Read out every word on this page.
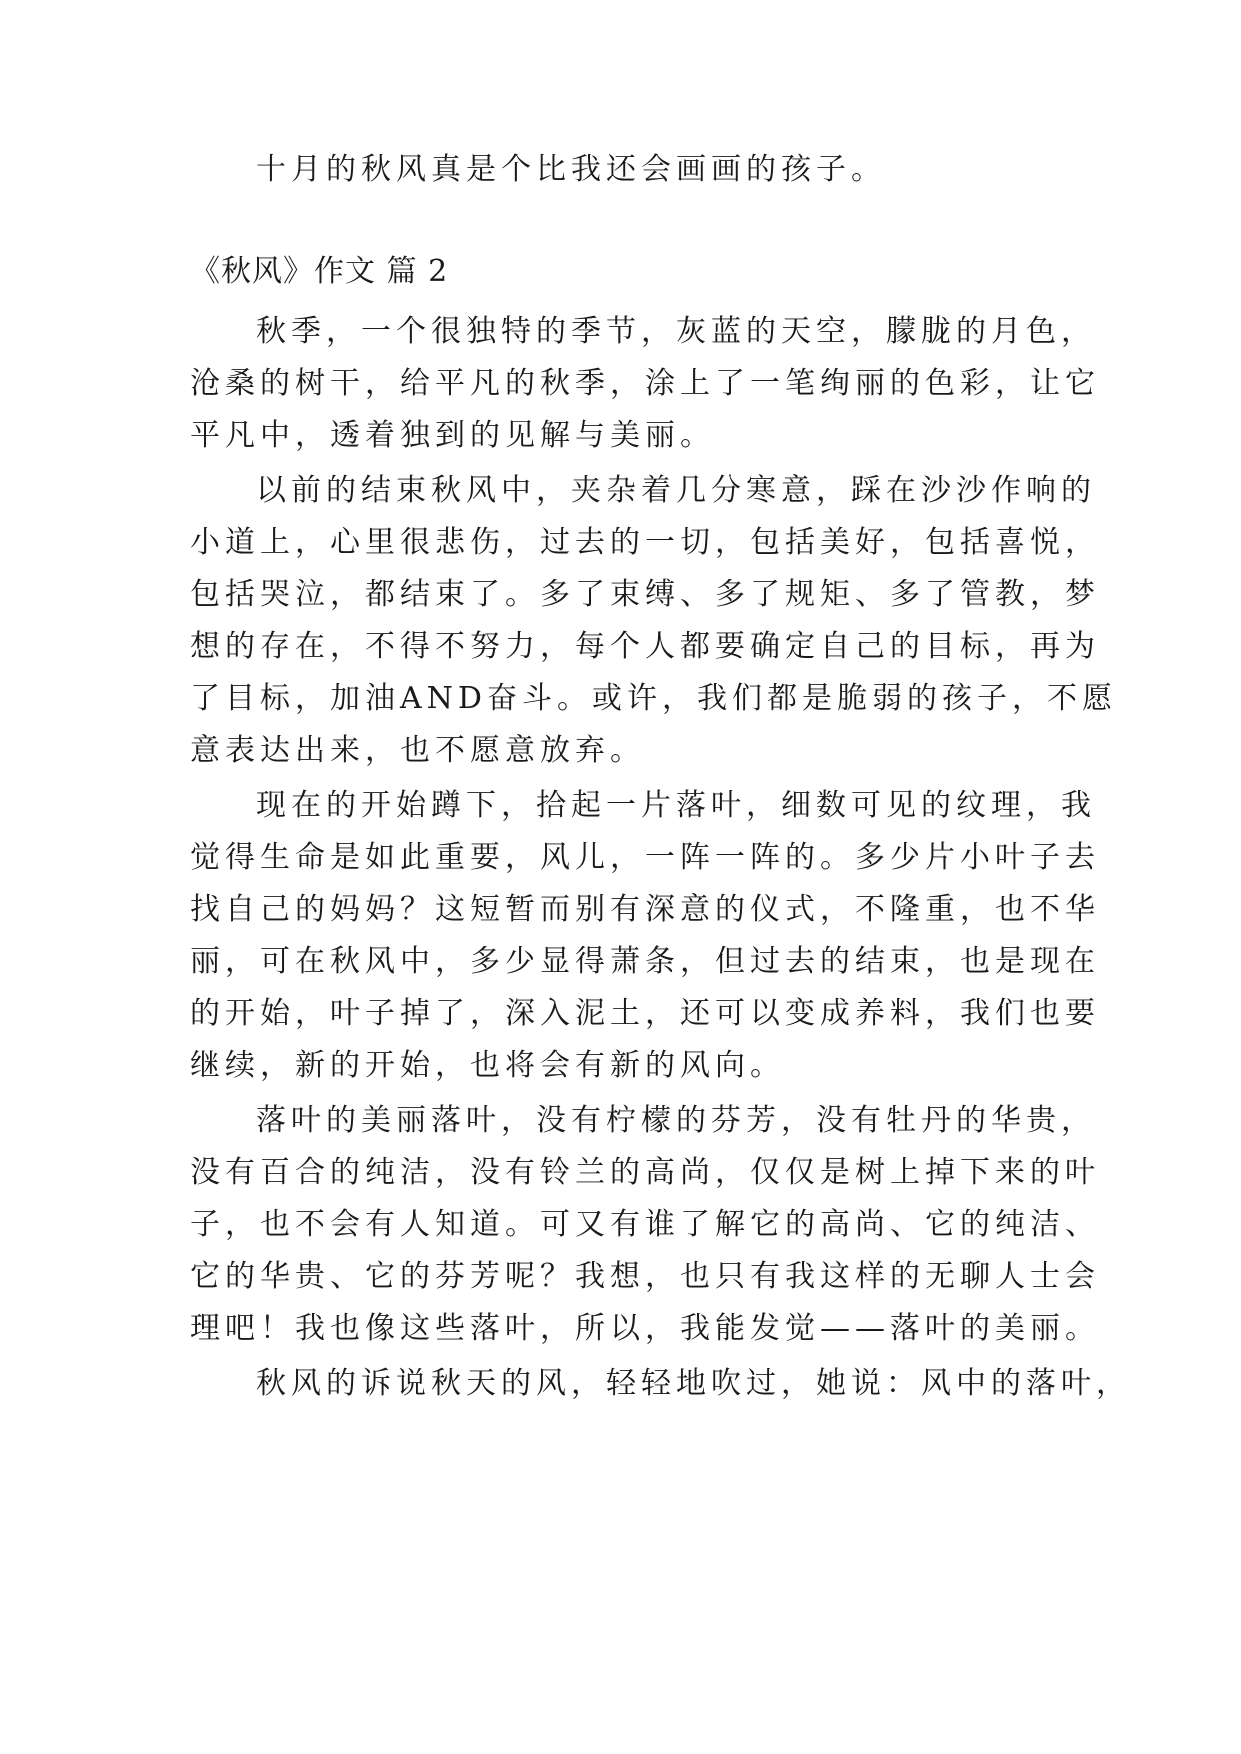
十月的秋风真是个比我还会画画的孩子。

《秋风》作文 篇 2

秋季，一个很独特的季节，灰蓝的天空，朦胧的月色，

沧桑的树干，给平凡的秋季，涂上了一笔绚丽的色彩，让它

平凡中，透着独到的见解与美丽。

以前的结束秋风中，夹杂着几分寒意，踩在沙沙作响的

小道上，心里很悲伤，过去的一切，包括美好，包括喜悦，

包括哭泣，都结束了。多了束缚、多了规矩、多了管教，梦

想的存在，不得不努力，每个人都要确定自己的目标，再为

了目标，加油AND奋斗。或许，我们都是脆弱的孩子，不愿

意表达出来，也不愿意放弃。

现在的开始蹲下，拾起一片落叶，细数可见的纹理，我

觉得生命是如此重要，风儿，一阵一阵的。多少片小叶子去

找自己的妈妈？这短暂而别有深意的仪式，不隆重，也不华

丽，可在秋风中，多少显得萧条，但过去的结束，也是现在

的开始，叶子掉了，深入泥土，还可以变成养料，我们也要

继续，新的开始，也将会有新的风向。

落叶的美丽落叶，没有柠檬的芬芳，没有牡丹的华贵，

没有百合的纯洁，没有铃兰的高尚，仅仅是树上掉下来的叶

子，也不会有人知道。可又有谁了解它的高尚、它的纯洁、

它的华贵、它的芬芳呢？我想，也只有我这样的无聊人士会

理吧！我也像这些落叶，所以，我能发觉——落叶的美丽。

秋风的诉说秋天的风，轻轻地吹过，她说：风中的落叶，
